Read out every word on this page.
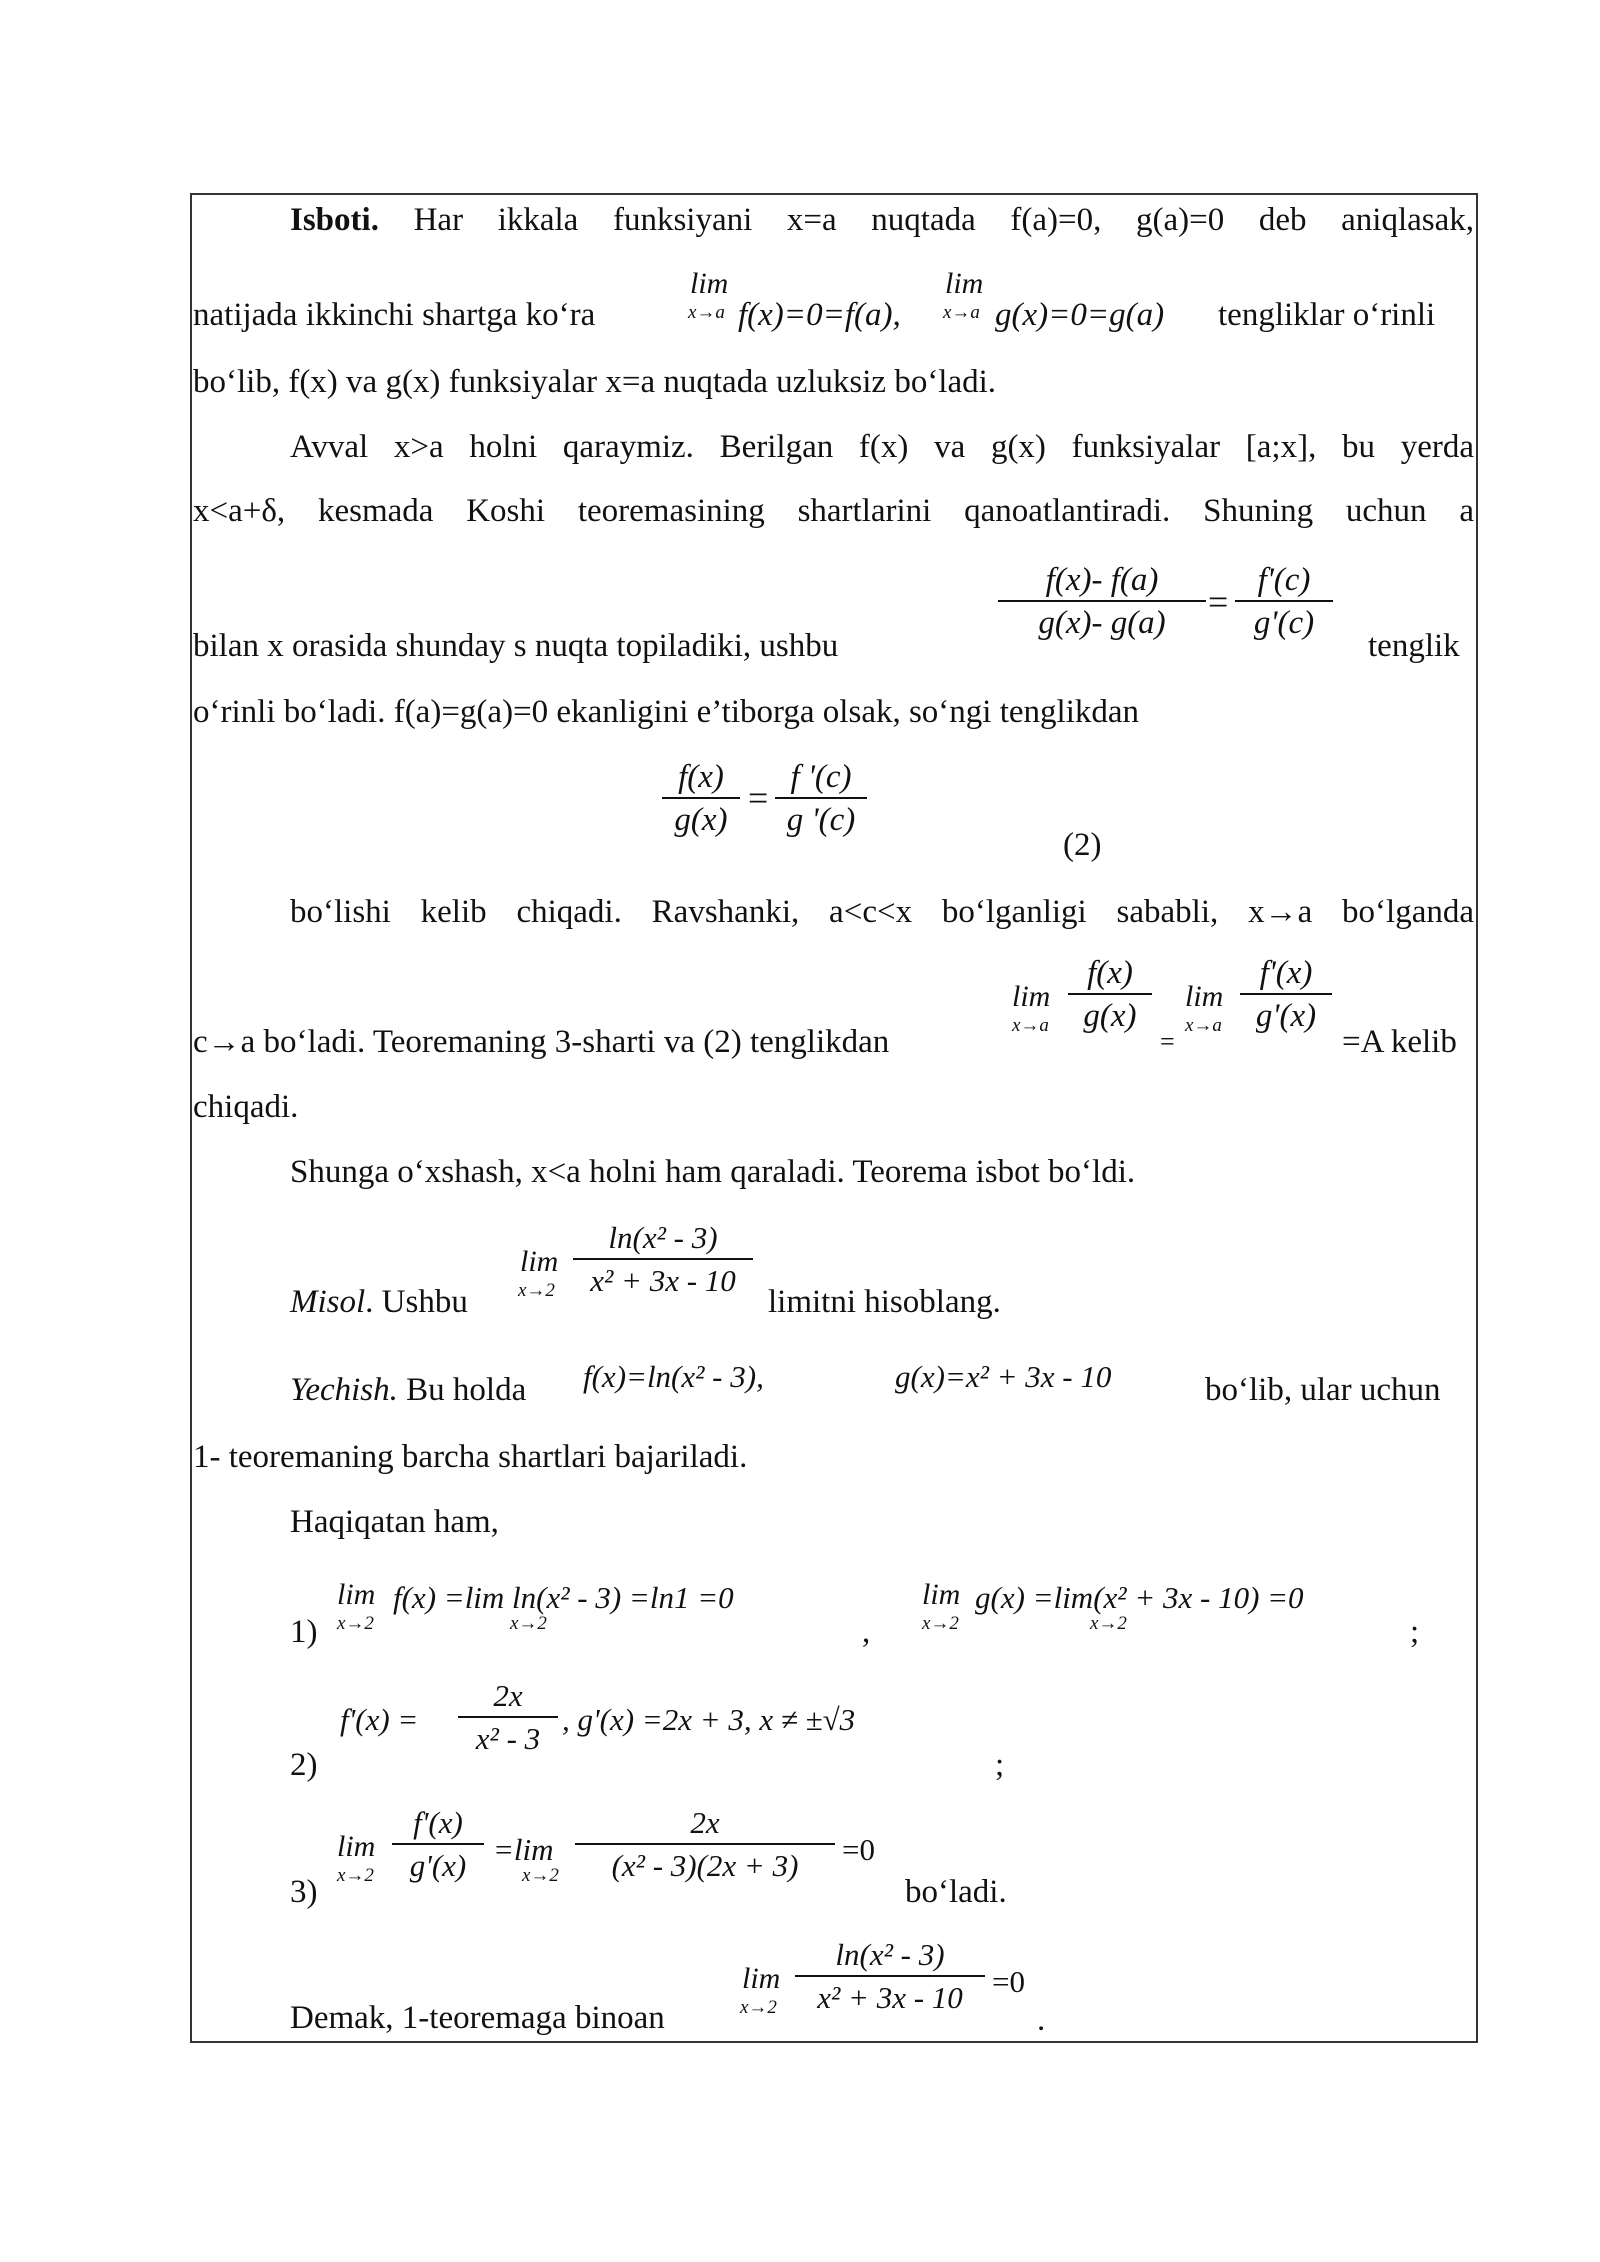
Isboti. Har ikkala funksiyani x=a nuqtada f(a)=0, g(a)=0 deb aniqlasak,
natijada ikkinchi shartga ko‘ra
lim
x→a f(x)=0=f(a),
lim
x→a g(x)=0=g(a) tengliklar o‘rinli
bo‘lib, f(x) va g(x) funksiyalar x=a nuqtada uzluksiz bo‘ladi.
Avval x>a holni qaraymiz. Berilgan f(x) va g(x) funksiyalar [a;x], bu yerda
x<a+δ, kesmada Koshi teoremasining shartlarini qanoatlantiradi. Shuning uchun a
bilan x orasida shunday s nuqta topiladiki, ushbu
$\frac{f(x)- f(a)}{g(x)- g(a)} = \frac{f'(c)}{g'(c)}$
tenglik
o‘rinli bo‘ladi. f(a)=g(a)=0 ekanligini e’tiborga olsak, so‘ngi tenglikdan
$\frac{f(x)}{g(x)} = \frac{f '(c)}{g '(c)}$
(2)
bo‘lishi kelib chiqadi. Ravshanki, a<c<x bo‘lganligi sababli, x→a bo‘lganda
c→a bo‘ladi. Teoremaning 3-sharti va (2) tenglikdan
lim
$x\to a \frac{f(x)}{g(x)}$
=
lim
$x\to a \frac{f'(x)}{g'(x)}$
=A kelib
chiqadi.
Shunga o‘xshash, x<a holni ham qaraladi. Teorema isbot bo‘ldi.
Misol. Ushbu
lim
$x\to 2 \frac{\text{ln(x² - 3)}}{\text{x² + 3x - 10}}$ limitni hisoblang.
Yechish. Bu holda f(x)=ln(x² - 3),	g(x)=x² + 3x - 10	bo‘lib, ular uchun
1- teoremaning barcha shartlari bajariladi.
Haqiqatan ham,
1)
lim
x→2
f(x) =lim ln(x² - 3) =ln1 =0
x→2	,
lim
x→2
g(x) =lim(x² + 3x - 10) =0
x→2	;
2)
$f'(x) = \frac{2x}{\text{x² - 3}}$ , g'(x) =2x + 3, x ≠ ±√3
;
3)
lim
$x\to 2 \frac{f'(x)}{g'(x)} =\lim$
$x\to 2 \frac{2x}{\text{(x² - 3)(2x + 3)}} =0$
bo‘ladi.
Demak, 1-teoremaga binoan
lim
$x\to 2 \frac{\text{ln(x² - 3)}}{\text{x² + 3x - 10}} =0$
.
